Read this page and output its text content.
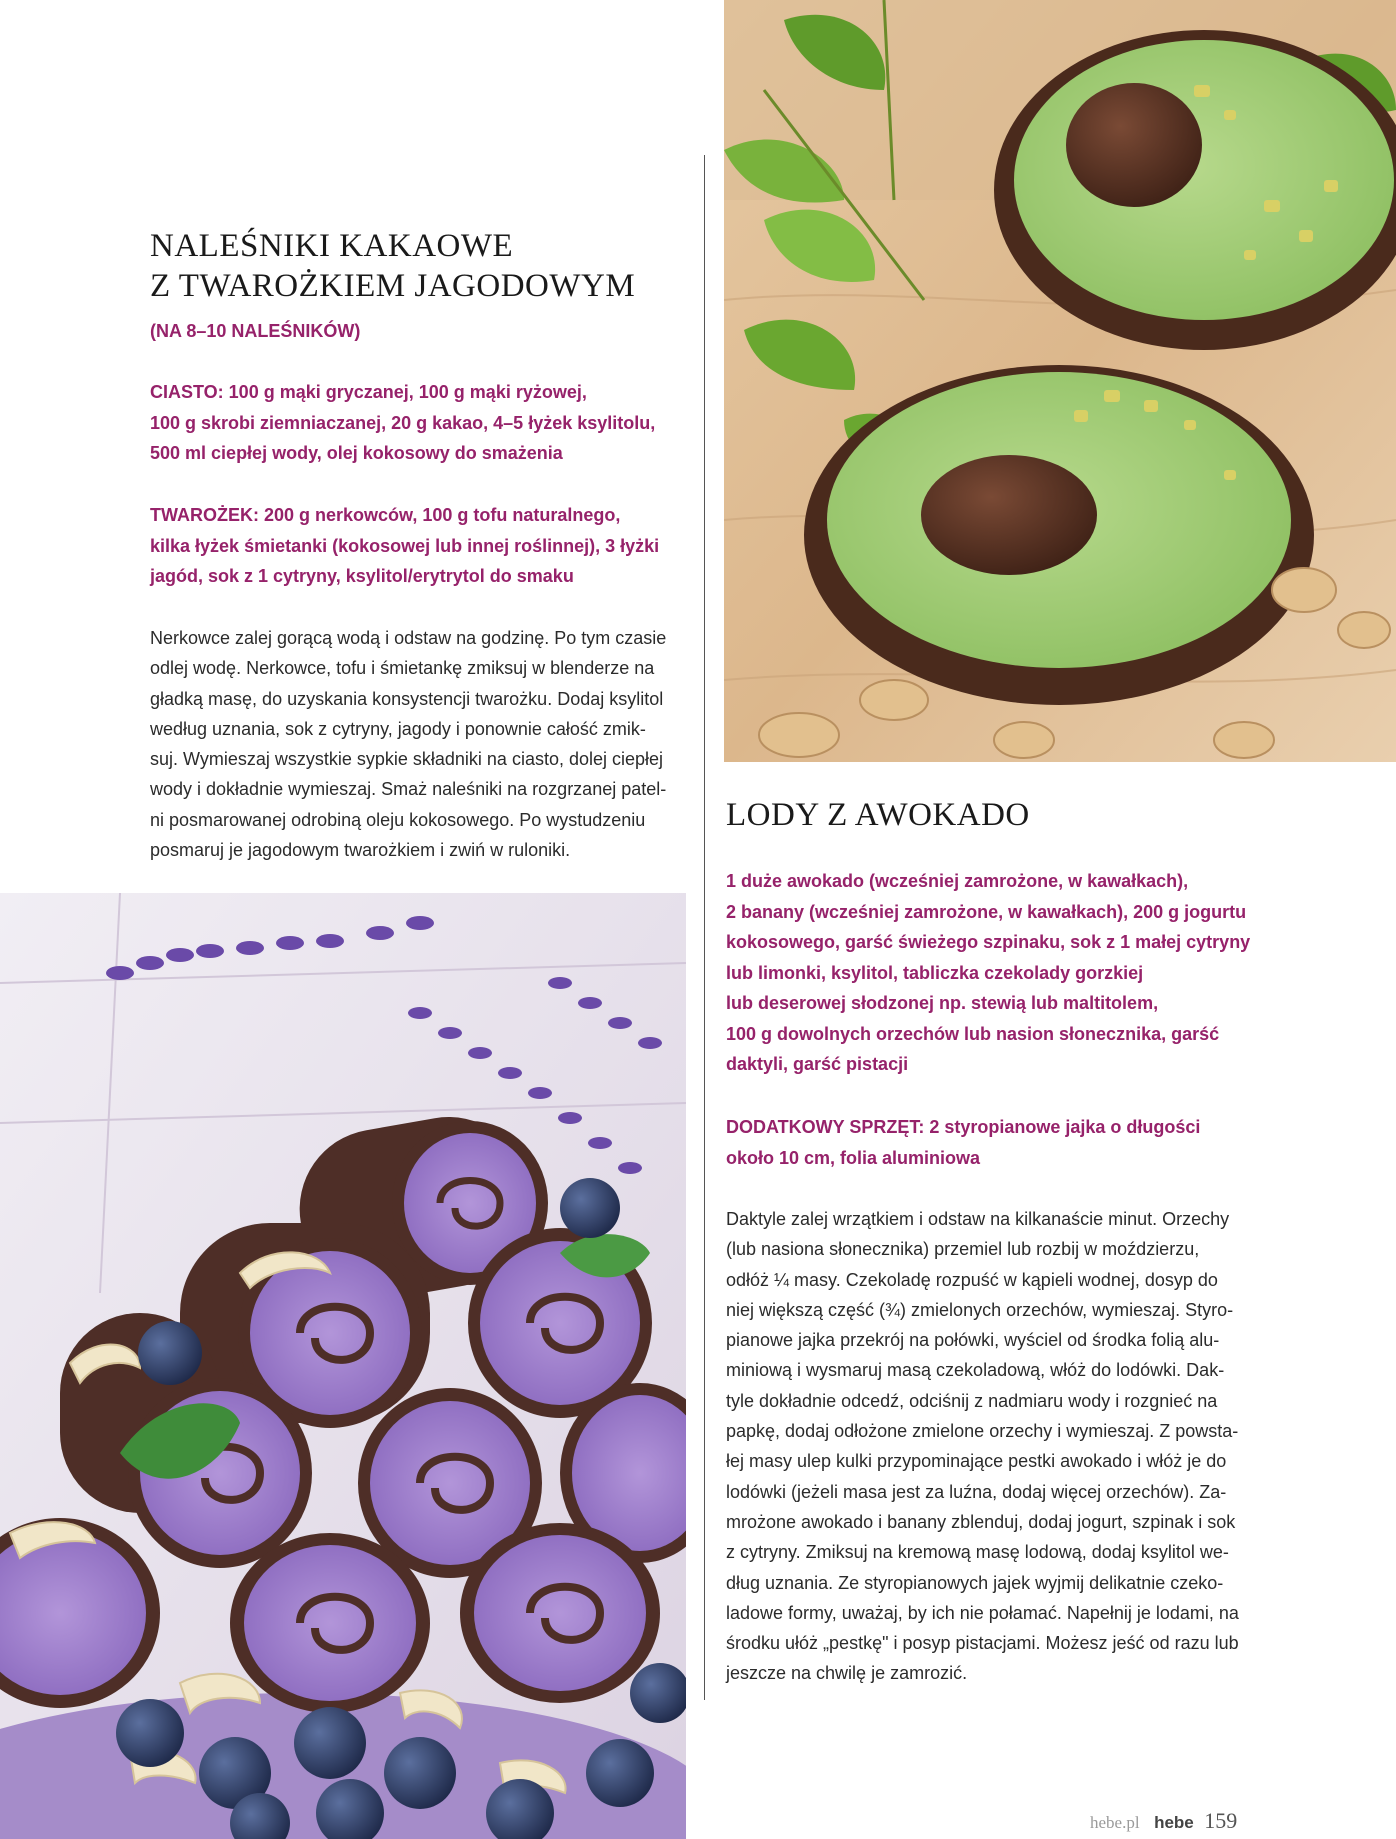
NALEŚNIKI KAKAOWE

Z TWAROŻKIEM JAGODOWYM

(NA 8–10 NALEŚNIKÓW)

CIASTO: 100 g mąki gryczanej, 100 g mąki ryżowej,

100 g skrobi ziemniaczanej, 20 g kakao, 4–5 łyżek ksylitolu,

500 ml ciepłej wody, olej kokosowy do smażenia

TWAROŻEK: 200 g nerkowców, 100 g tofu naturalnego,

kilka łyżek śmietanki (kokosowej lub innej roślinnej), 3 łyżki

jagód, sok z 1 cytryny, ksylitol/erytrytol do smaku

Nerkowce zalej gorącą wodą i odstaw na godzinę. Po tym czasie

odlej wodę. Nerkowce, tofu i śmietankę zmiksuj w blenderze na

gładką masę, do uzyskania konsystencji twarożku. Dodaj ksylitol

według uznania, sok z cytryny, jagody i ponownie całość zmik-

suj. Wymieszaj wszystkie sypkie składniki na ciasto, dolej ciepłej

wody i dokładnie wymieszaj. Smaż naleśniki na rozgrzanej patel-

ni posmarowanej odrobiną oleju kokosowego. Po wystudzeniu

posmaruj je jagodowym twarożkiem i zwiń w ruloniki.

LODY Z AWOKADO

1 duże awokado (wcześniej zamrożone, w kawałkach),

2 banany (wcześniej zamrożone, w kawałkach), 200 g jogurtu

kokosowego, garść świeżego szpinaku, sok z 1 małej cytryny

lub limonki, ksylitol, tabliczka czekolady gorzkiej

lub deserowej słodzonej np. stewią lub maltitolem,

100 g dowolnych orzechów lub nasion słonecznika, garść

daktyli, garść pistacji

DODATKOWY SPRZĘT: 2 styropianowe jajka o długości

około 10 cm, folia aluminiowa

Daktyle zalej wrzątkiem i odstaw na kilkanaście minut. Orzechy

(lub nasiona słonecznika) przemiel lub rozbij w moździerzu,

odłóż ¼ masy. Czekoladę rozpuść w kąpieli wodnej, dosyp do

niej większą część (¾) zmielonych orzechów, wymieszaj. Styro-

pianowe jajka przekrój na połówki, wyściel od środka folią alu-

miniową i wysmaruj masą czekoladową, włóż do lodówki. Dak-

tyle dokładnie odcedź, odciśnij z nadmiaru wody i rozgnieć na

papkę, dodaj odłożone zmielone orzechy i wymieszaj. Z powsta-

łej masy ulep kulki przypominające pestki awokado i włóż je do

lodówki (jeżeli masa jest za luźna, dodaj więcej orzechów). Za-

mrożone awokado i banany zblenduj, dodaj jogurt, szpinak i sok

z cytryny. Zmiksuj na kremową masę lodową, dodaj ksylitol we-

dług uznania. Ze styropianowych jajek wyjmij delikatnie czeko-

ladowe formy, uważaj, by ich nie połamać. Napełnij je lodami, na

środku ułóż „pestkę" i posyp pistacjami. Możesz jeść od razu lub

jeszcze na chwilę je zamrozić.

hebe.pl hebe 159
